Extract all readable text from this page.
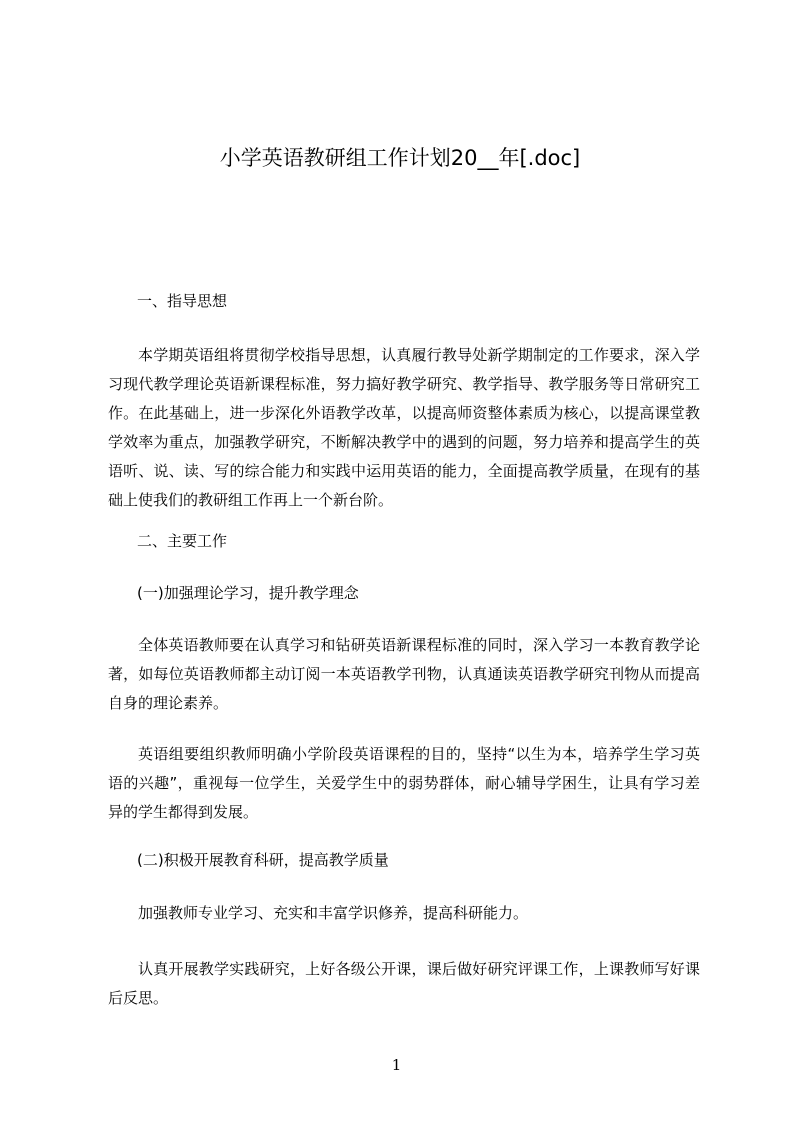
小学英语教研组工作计划20__年[.doc]
一、指导思想
本学期英语组将贯彻学校指导思想，认真履行教导处新学期制定的工作要求，深入学习现代教学理论英语新课程标准，努力搞好教学研究、教学指导、教学服务等日常研究工作。在此基础上，进一步深化外语教学改革，以提高师资整体素质为核心，以提高课堂教学效率为重点，加强教学研究，不断解决教学中的遇到的问题，努力培养和提高学生的英语听、说、读、写的综合能力和实践中运用英语的能力，全面提高教学质量，在现有的基础上使我们的教研组工作再上一个新台阶。
二、主要工作
(一)加强理论学习，提升教学理念
全体英语教师要在认真学习和钻研英语新课程标准的同时，深入学习一本教育教学论著，如每位英语教师都主动订阅一本英语教学刊物，认真通读英语教学研究刊物从而提高自身的理论素养。
英语组要组织教师明确小学阶段英语课程的目的，坚持“以生为本，培养学生学习英语的兴趣”，重视每一位学生，关爱学生中的弱势群体，耐心辅导学困生，让具有学习差异的学生都得到发展。
(二)积极开展教育科研，提高教学质量
加强教师专业学习、充实和丰富学识修养，提高科研能力。
认真开展教学实践研究，上好各级公开课，课后做好研究评课工作，上课教师写好课后反思。
1
